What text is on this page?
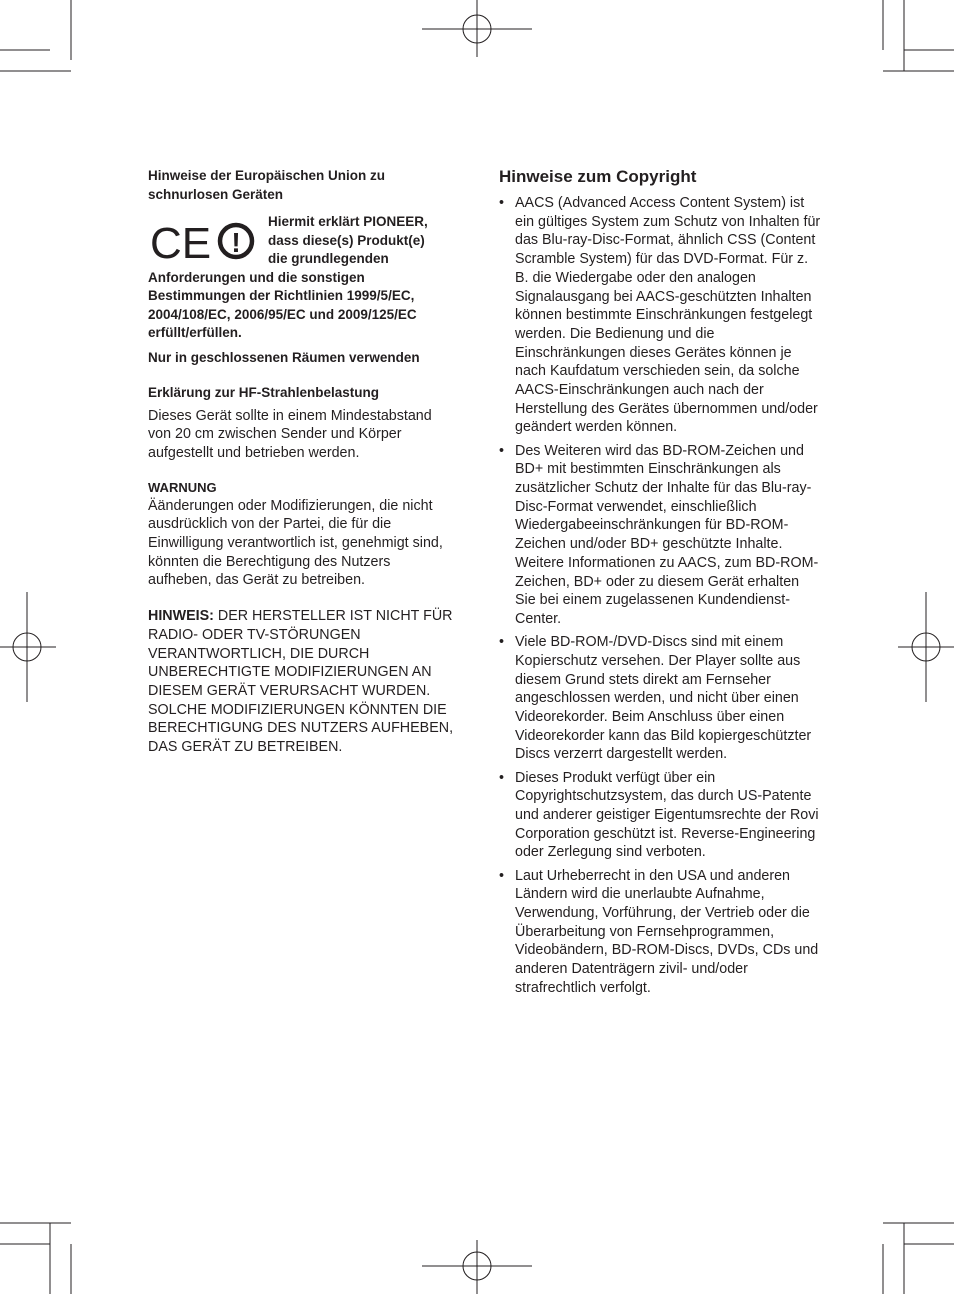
Hinweise der Europäischen Union zu schnurlosen Geräten

CE !

Hiermit erklärt PIONEER,

dass diese(s) Produkt(e)

die grundlegenden

Anforderungen und die sonstigen Bestimmungen der Richtlinien 1999/5/EC, 2004/108/EC, 2006/95/EC und 2009/125/EC erfüllt/erfüllen.

Nur in geschlossenen Räumen verwenden

Erklärung zur HF-Strahlenbelastung

Dieses Gerät sollte in einem Mindestabstand von 20 cm zwischen Sender und Körper aufgestellt und betrieben werden.

WARNUNG

Äänderungen oder Modifizierungen, die nicht ausdrücklich von der Partei, die für die Einwilligung verantwortlich ist, genehmigt sind, könnten die Berechtigung des Nutzers aufheben, das Gerät zu betreiben.

HINWEIS: DER HERSTELLER IST NICHT FÜR RADIO- ODER TV-STÖRUNGEN VERANTWORTLICH, DIE DURCH UNBERECHTIGTE MODIFIZIERUNGEN AN DIESEM GERÄT VERURSACHT WURDEN. SOLCHE MODIFIZIERUNGEN KÖNNTEN DIE BERECHTIGUNG DES NUTZERS AUFHEBEN, DAS GERÄT ZU BETREIBEN.

Hinweise zum Copyright
• AACS (Advanced Access Content System) ist ein gültiges System zum Schutz von Inhalten für das Blu-ray-Disc-Format, ähnlich CSS (Content Scramble System) für das DVD-Format. Für z. B. die Wiedergabe oder den analogen Signalausgang bei AACS-geschützten Inhalten können bestimmte Einschränkungen festgelegt werden. Die Bedienung und die Einschränkungen dieses Gerätes können je nach Kaufdatum verschieden sein, da solche AACS-Einschränkungen auch nach der Herstellung des Gerätes übernommen und/oder geändert werden können.
• Des Weiteren wird das BD-ROM-Zeichen und BD+ mit bestimmten Einschränkungen als zusätzlicher Schutz der Inhalte für das Blu-ray-Disc-Format verwendet, einschließlich Wiedergabeeinschränkungen für BD-ROM-Zeichen und/oder BD+ geschützte Inhalte. Weitere Informationen zu AACS, zum BD-ROM-Zeichen, BD+ oder zu diesem Gerät erhalten Sie bei einem zugelassenen Kundendienst-Center.
• Viele BD-ROM-/DVD-Discs sind mit einem Kopierschutz versehen. Der Player sollte aus diesem Grund stets direkt am Fernseher angeschlossen werden, und nicht über einen Videorekorder. Beim Anschluss über einen Videorekorder kann das Bild kopiergeschützter Discs verzerrt dargestellt werden.
• Dieses Produkt verfügt über ein Copyrightschutzsystem, das durch US-Patente und anderer geistiger Eigentumsrechte der Rovi Corporation geschützt ist. Reverse-Engineering oder Zerlegung sind verboten.
• Laut Urheberrecht in den USA und anderen Ländern wird die unerlaubte Aufnahme, Verwendung, Vorführung, der Vertrieb oder die Überarbeitung von Fernsehprogrammen, Videobändern, BD-ROM-Discs, DVDs, CDs und anderen Datenträgern zivil- und/oder strafrechtlich verfolgt.
